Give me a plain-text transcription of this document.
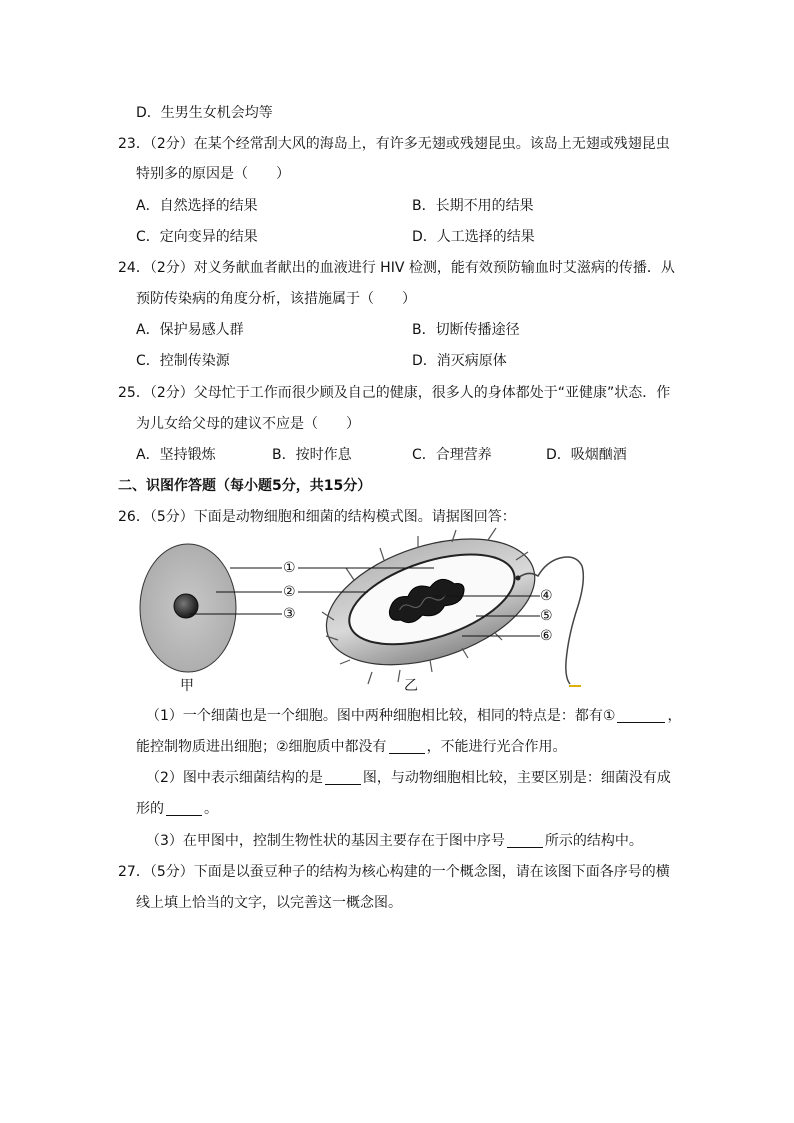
D．生男生女机会均等
23．（2分）在某个经常刮大风的海岛上，有许多无翅或残翅昆虫。该岛上无翅或残翅昆虫
特别多的原因是（　　）
A．自然选择的结果	B．长期不用的结果
C．定向变异的结果	D．人工选择的结果
24．（2分）对义务献血者献出的血液进行 HIV 检测，能有效预防输血时艾滋病的传播．从
预防传染病的角度分析，该措施属于（　　）
A．保护易感人群	B．切断传播途径
C．控制传染源	D．消灭病原体
25．（2分）父母忙于工作而很少顾及自己的健康，很多人的身体都处于“亚健康”状态．作
为儿女给父母的建议不应是（　　）
A．坚持锻炼	B．按时作息	C．合理营养	D．吸烟酗酒
二、识图作答题（每小题5分，共15分）
26．（5分）下面是动物细胞和细菌的结构模式图。请据图回答：
①
②
③
④
⑤
⑥
甲	乙
（1）一个细菌也是一个细胞。图中两种细胞相比较，相同的特点是：都有①	，
能控制物质进出细胞；②细胞质中都没有	，不能进行光合作用。
（2）图中表示细菌结构的是	图，与动物细胞相比较，主要区别是：细菌没有成
形的	。
（3）在甲图中，控制生物性状的基因主要存在于图中序号	所示的结构中。
27．（5分）下面是以蚕豆种子的结构为核心构建的一个概念图，请在该图下面各序号的横
线上填上恰当的文字，以完善这一概念图。
